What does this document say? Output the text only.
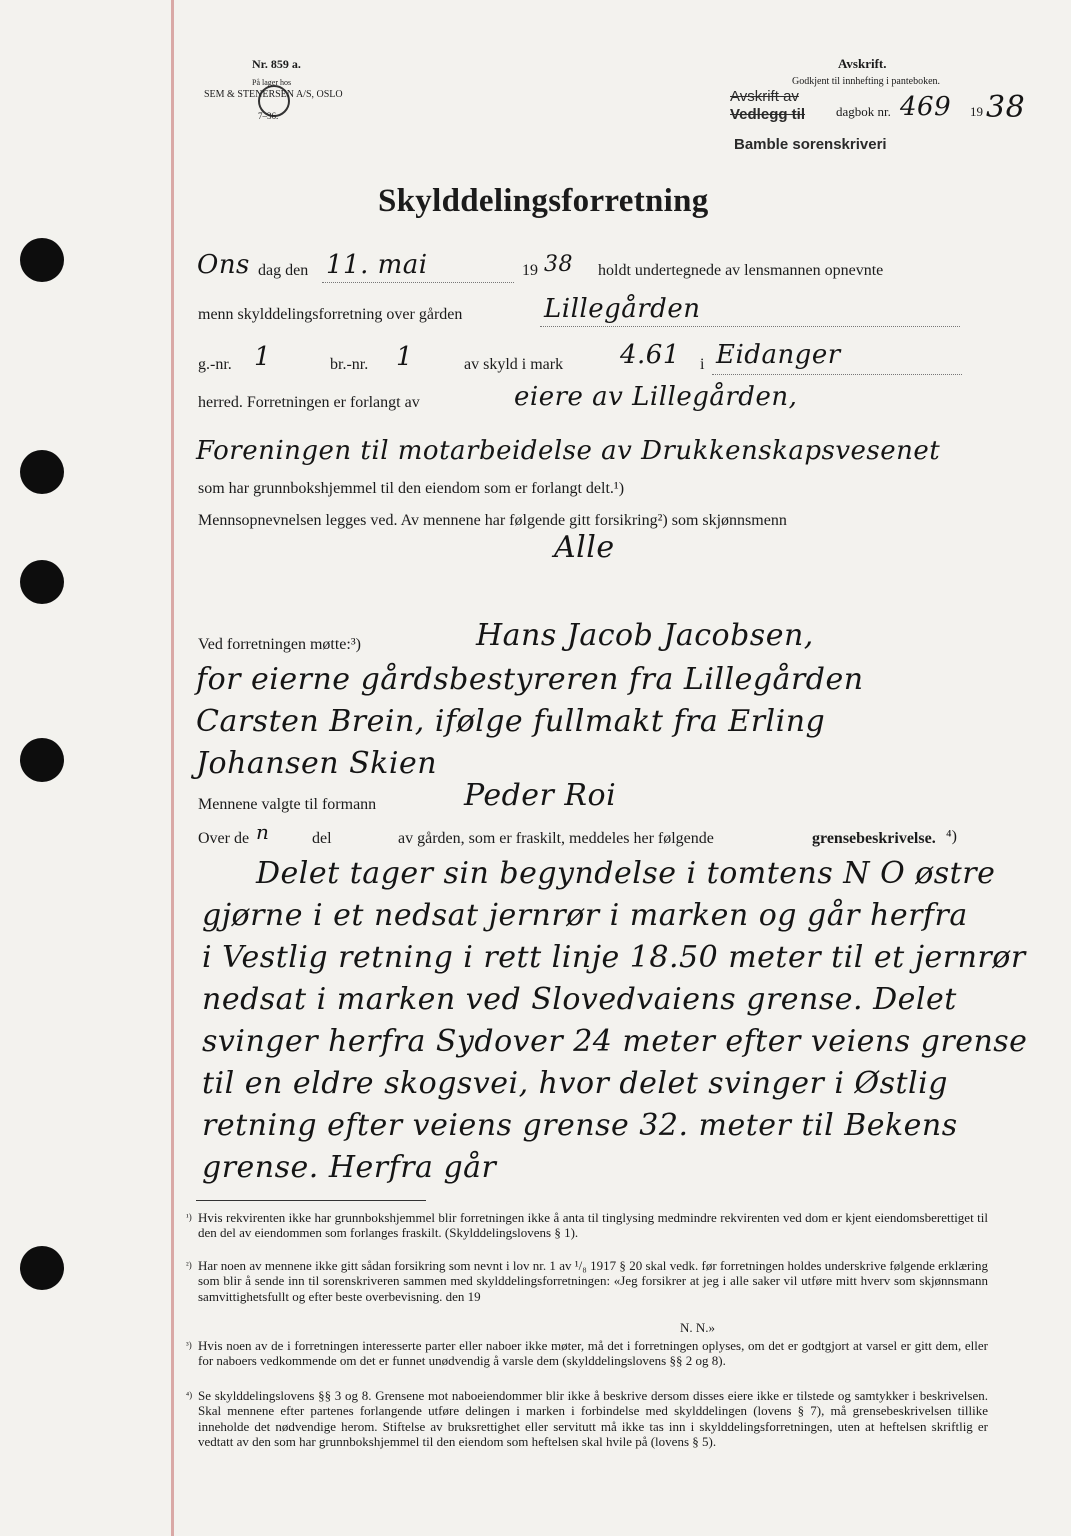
Nr. 859 a.
På lager hos
SEM & STENERSEN A/S, OSLO
7–36.
Avskrift.
Godkjent til innhefting i panteboken.
Avskrift av
Vedlegg til dagbok nr. 469 19 38
Bamble sorenskriveri
Skylddelingsforretning
Ons dag den 11. mai	19 38 holdt undertegnede av lensmannen opnevnte
menn skylddelingsforretning over gården	Lillegården
g.-nr. 1	br.-nr. 1	av skyld i mark 4.61 i Eidanger
herred. Forretningen er forlangt av	eiere av Lillegården,
Foreningen til motarbeidelse av Drukkenskapsvesenet
som har grunnbokshjemmel til den eiendom som er forlangt delt.¹)
Mennsopnevnelsen legges ved. Av mennene har følgende gitt forsikring²) som skjønnsmenn
Alle
Ved forretningen møtte:³)	Hans Jacob Jacobsen,
for eierne gårdsbestyreren fra Lillegården
Carsten Brein, ifølge fullmakt fra Erling
Johansen Skien
Mennene valgte til formann	Peder Roi
Over de n	del	av gården, som er fraskilt, meddeles her følgende	grensebeskrivelse. ⁴)
Delet tager sin begyndelse i tomtens N O østre
gjørne i et nedsat jernrør i marken og går herfra
i Vestlig retning i rett linje 18.50 meter til et jernrør
nedsat i marken ved Slovedvaiens grense. Delet
svinger herfra Sydover 24 meter efter veiens grense
til en eldre skogsvei, hvor delet svinger i Østlig
retning efter veiens grense 32. meter til Bekens
grense. Herfra går
¹) Hvis rekvirenten ikke har grunnbokshjemmel blir forretningen ikke å anta til tinglysing medmindre rekvirenten ved dom er kjent eiendomsberettiget til den del av eiendommen som forlanges fraskilt. (Skylddelingslovens § 1).
²) Har noen av mennene ikke gitt sådan forsikring som nevnt i lov nr. 1 av ¹/₈ 1917 § 20 skal vedk. før forretningen holdes underskrive følgende erklæring som blir å sende inn til sorenskriveren sammen med skylddelingsforretningen: «Jeg forsikrer at jeg i alle saker vil utføre mitt hverv som skjønnsmann samvittighetsfullt og efter beste overbevisning. den 19
N. N.»
³) Hvis noen av de i forretningen interesserte parter eller naboer ikke møter, må det i forretningen oplyses, om det er godtgjort at varsel er gitt dem, eller for naboers vedkommende om det er funnet unødvendig å varsle dem (skylddelingslovens §§ 2 og 8).
⁴) Se skylddelingslovens §§ 3 og 8. Grensene mot naboeiendommer blir ikke å beskrive dersom disses eiere ikke er tilstede og samtykker i beskrivelsen. Skal mennene efter partenes forlangende utføre delingen i marken i forbindelse med skylddelingen (lovens § 7), må grensebeskrivelsen tillike inneholde det nødvendige herom. Stiftelse av bruksrettighet eller servitutt må ikke tas inn i skylddelingsforretningen, uten at heftelsen skriftlig er vedtatt av den som har grunnbokshjemmel til den eiendom som heftelsen skal hvile på (lovens § 5).
